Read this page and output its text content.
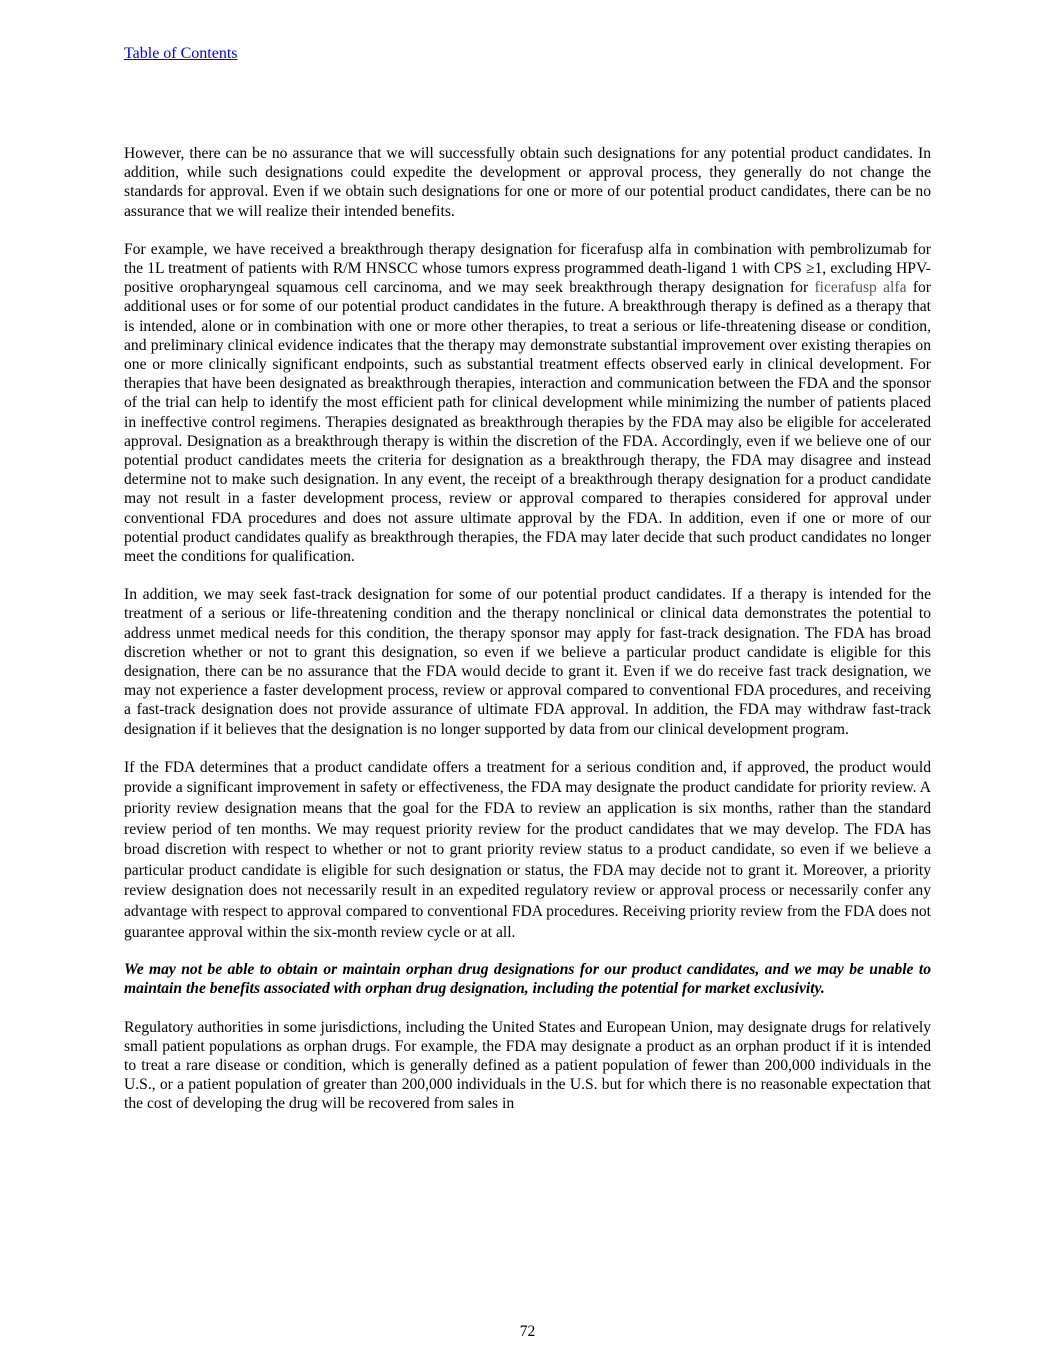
Table of Contents

However, there can be no assurance that we will successfully obtain such designations for any potential product candidates. In addition, while such designations could expedite the development or approval process, they generally do not change the standards for approval. Even if we obtain such designations for one or more of our potential product candidates, there can be no assurance that we will realize their intended benefits.

For example, we have received a breakthrough therapy designation for ficerafusp alfa in combination with pembrolizumab for the 1L treatment of patients with R/M HNSCC whose tumors express programmed death-ligand 1 with CPS ≥1, excluding HPV-positive oropharyngeal squamous cell carcinoma, and we may seek breakthrough therapy designation for ficerafusp alfa for additional uses or for some of our potential product candidates in the future. A breakthrough therapy is defined as a therapy that is intended, alone or in combination with one or more other therapies, to treat a serious or life-threatening disease or condition, and preliminary clinical evidence indicates that the therapy may demonstrate substantial improvement over existing therapies on one or more clinically significant endpoints, such as substantial treatment effects observed early in clinical development. For therapies that have been designated as breakthrough therapies, interaction and communication between the FDA and the sponsor of the trial can help to identify the most efficient path for clinical development while minimizing the number of patients placed in ineffective control regimens. Therapies designated as breakthrough therapies by the FDA may also be eligible for accelerated approval. Designation as a breakthrough therapy is within the discretion of the FDA. Accordingly, even if we believe one of our potential product candidates meets the criteria for designation as a breakthrough therapy, the FDA may disagree and instead determine not to make such designation. In any event, the receipt of a breakthrough therapy designation for a product candidate may not result in a faster development process, review or approval compared to therapies considered for approval under conventional FDA procedures and does not assure ultimate approval by the FDA. In addition, even if one or more of our potential product candidates qualify as breakthrough therapies, the FDA may later decide that such product candidates no longer meet the conditions for qualification.

In addition, we may seek fast-track designation for some of our potential product candidates. If a therapy is intended for the treatment of a serious or life-threatening condition and the therapy nonclinical or clinical data demonstrates the potential to address unmet medical needs for this condition, the therapy sponsor may apply for fast-track designation. The FDA has broad discretion whether or not to grant this designation, so even if we believe a particular product candidate is eligible for this designation, there can be no assurance that the FDA would decide to grant it. Even if we do receive fast track designation, we may not experience a faster development process, review or approval compared to conventional FDA procedures, and receiving a fast-track designation does not provide assurance of ultimate FDA approval. In addition, the FDA may withdraw fast-track designation if it believes that the designation is no longer supported by data from our clinical development program.

If the FDA determines that a product candidate offers a treatment for a serious condition and, if approved, the product would provide a significant improvement in safety or effectiveness, the FDA may designate the product candidate for priority review. A priority review designation means that the goal for the FDA to review an application is six months, rather than the standard review period of ten months. We may request priority review for the product candidates that we may develop. The FDA has broad discretion with respect to whether or not to grant priority review status to a product candidate, so even if we believe a particular product candidate is eligible for such designation or status, the FDA may decide not to grant it. Moreover, a priority review designation does not necessarily result in an expedited regulatory review or approval process or necessarily confer any advantage with respect to approval compared to conventional FDA procedures. Receiving priority review from the FDA does not guarantee approval within the six-month review cycle or at all.

We may not be able to obtain or maintain orphan drug designations for our product candidates, and we may be unable to maintain the benefits associated with orphan drug designation, including the potential for market exclusivity.

Regulatory authorities in some jurisdictions, including the United States and European Union, may designate drugs for relatively small patient populations as orphan drugs. For example, the FDA may designate a product as an orphan product if it is intended to treat a rare disease or condition, which is generally defined as a patient population of fewer than 200,000 individuals in the U.S., or a patient population of greater than 200,000 individuals in the U.S. but for which there is no reasonable expectation that the cost of developing the drug will be recovered from sales in

72
